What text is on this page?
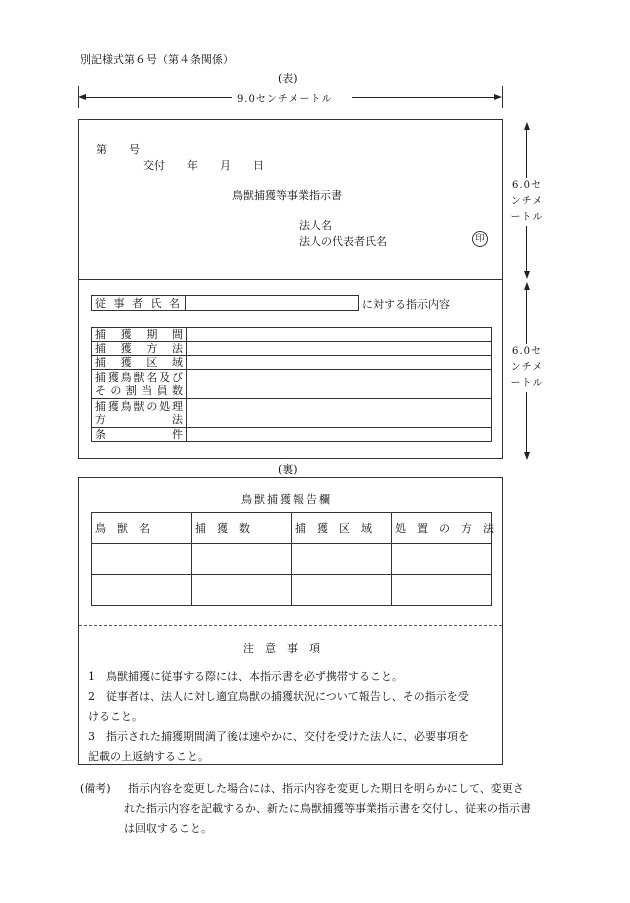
別記様式第６号（第４条関係）
(表)
9.0センチメートル
第　　号
交付　　年　　月　　日
鳥獣捕獲等事業指示書
法人名
法人の代表者氏名	印
従 事 者 氏 名		に対する指示内容
捕獲期間	

捕獲方法	

捕獲区域	

捕獲鳥獣名及び
その割当員数	

捕獲鳥獣の処理
方 法	

条件	

6.0セ
ンチメ
ートル
6.0セ
ンチメ
ートル
(裏)
鳥獣捕獲報告欄
鳥　獣　名	捕　獲　数	捕　獲　区　域	処　置　の　方　法

注　意　事　項
1　鳥獣捕獲に従事する際には、本指示書を必ず携帯すること。
2　従事者は、法人に対し適宜鳥獣の捕獲状況について報告し、その指示を受
けること。
3　指示された捕獲期間満了後は速やかに、交付を受けた法人に、必要事項を
記載の上返納すること。
(備考) 指示内容を変更した場合には、指示内容を変更した期日を明らかにして、変更さ
れた指示内容を記載するか、新たに鳥獣捕獲等事業指示書を交付し、従来の指示書
は回収すること。
